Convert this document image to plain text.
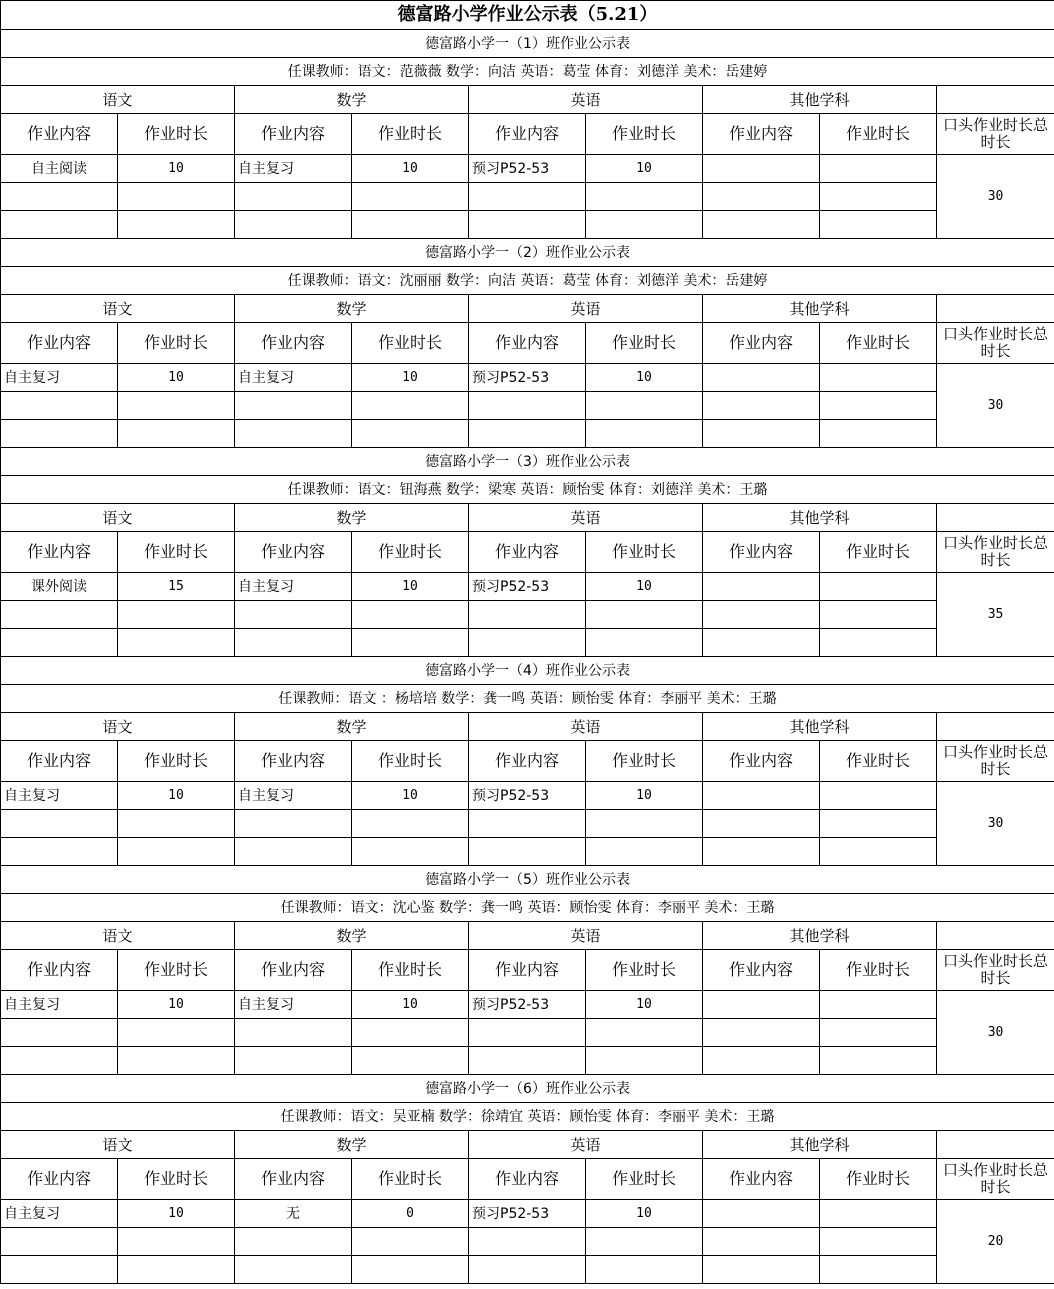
德富路小学作业公示表（5.21）								
德富路小学一（1）班作业公示表								
任课教师：语文：范薇薇 数学：向洁 英语：葛莹 体育：刘德洋 美术：岳建婷								
语文		数学		英语		其他学科		
作业内容	作业时长	作业内容	作业时长	作业内容	作业时长	作业内容	作业时长	口头作业时长总时长
自主阅读	10	自主复习	10	预习P52-53	10			30

德富路小学一（2）班作业公示表								
任课教师：语文：沈丽丽 数学：向洁 英语：葛莹 体育：刘德洋 美术：岳建婷								
语文		数学		英语		其他学科		
作业内容	作业时长	作业内容	作业时长	作业内容	作业时长	作业内容	作业时长	口头作业时长总时长
自主复习	10	自主复习	10	预习P52-53	10			30

德富路小学一（3）班作业公示表								
任课教师：语文：钮海燕 数学：梁寒 英语：顾怡雯 体育：刘德洋 美术：王璐								
语文		数学		英语		其他学科		
作业内容	作业时长	作业内容	作业时长	作业内容	作业时长	作业内容	作业时长	口头作业时长总时长
课外阅读	15	自主复习	10	预习P52-53	10			35

德富路小学一（4）班作业公示表								
任课教师：语文 ：杨培培 数学：龚一鸣 英语：顾怡雯 体育：李丽平 美术：王璐								
语文		数学		英语		其他学科		
作业内容	作业时长	作业内容	作业时长	作业内容	作业时长	作业内容	作业时长	口头作业时长总时长
自主复习	10	自主复习	10	预习P52-53	10			30

德富路小学一（5）班作业公示表								
任课教师：语文：沈心鉴 数学：龚一鸣 英语：顾怡雯 体育：李丽平 美术：王璐								
语文		数学		英语		其他学科		
作业内容	作业时长	作业内容	作业时长	作业内容	作业时长	作业内容	作业时长	口头作业时长总时长
自主复习	10	自主复习	10	预习P52-53	10			30

德富路小学一（6）班作业公示表								
任课教师：语文：吴亚楠 数学：徐靖宜 英语：顾怡雯 体育：李丽平 美术：王璐								
语文		数学		英语		其他学科		
作业内容	作业时长	作业内容	作业时长	作业内容	作业时长	作业内容	作业时长	口头作业时长总时长
自主复习	10	无	0	预习P52-53	10			20
